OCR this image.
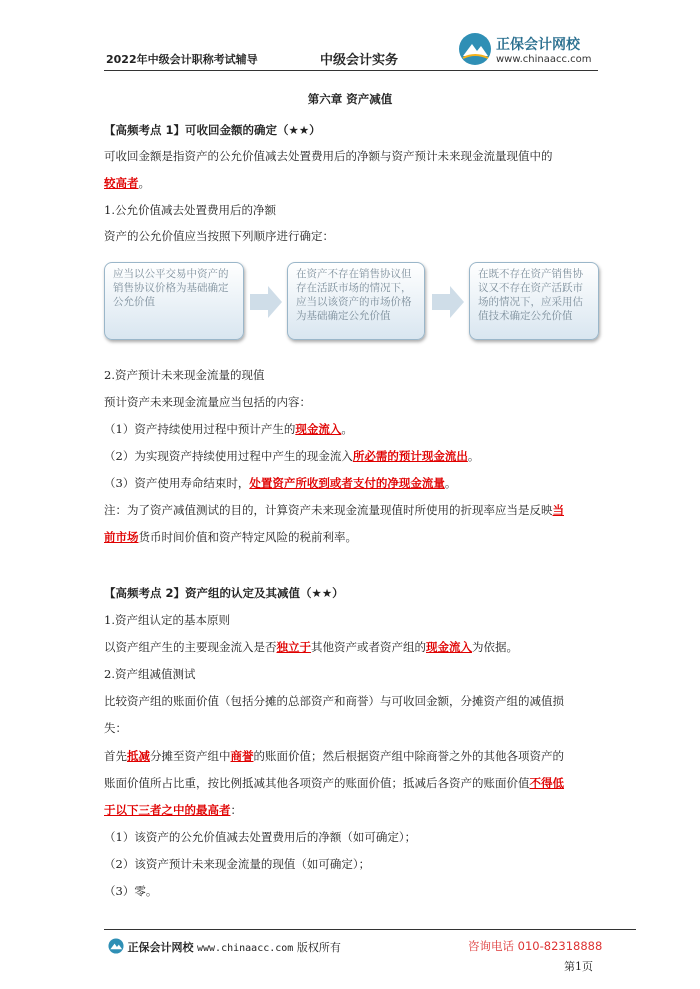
2022年中级会计职称考试辅导	中级会计实务
正保会计网校
www.chinaacc.com
第六章 资产减值
【高频考点 1】可收回金额的确定（★★）
可收回金额是指资产的公允价值减去处置费用后的净额与资产预计未来现金流量现值中的
较高者。
1.公允价值减去处置费用后的净额
资产的公允价值应当按照下列顺序进行确定：
应当以公平交易中资产的销售协议价格为基础确定公允价值
在资产不存在销售协议但存在活跃市场的情况下，应当以该资产的市场价格为基础确定公允价值
在既不存在资产销售协议又不存在资产活跃市场的情况下，应采用估值技术确定公允价值
2.资产预计未来现金流量的现值
预计资产未来现金流量应当包括的内容：
（1）资产持续使用过程中预计产生的现金流入。
（2）为实现资产持续使用过程中产生的现金流入所必需的预计现金流出。
（3）资产使用寿命结束时，处置资产所收到或者支付的净现金流量。
注：为了资产减值测试的目的，计算资产未来现金流量现值时所使用的折现率应当是反映当
前市场货币时间价值和资产特定风险的税前利率。
【高频考点 2】资产组的认定及其减值（★★）
1.资产组认定的基本原则
以资产组产生的主要现金流入是否独立于其他资产或者资产组的现金流入为依据。
2.资产组减值测试
比较资产组的账面价值（包括分摊的总部资产和商誉）与可收回金额，分摊资产组的减值损
失：
首先抵减分摊至资产组中商誉的账面价值；然后根据资产组中除商誉之外的其他各项资产的
账面价值所占比重，按比例抵减其他各项资产的账面价值；抵减后各资产的账面价值不得低
于以下三者之中的最高者：
（1）该资产的公允价值减去处置费用后的净额（如可确定）；
（2）该资产预计未来现金流量的现值（如可确定）；
（3）零。
正保会计网校 www.chinaacc.com 版权所有	咨询电话 010-82318888
第1页
